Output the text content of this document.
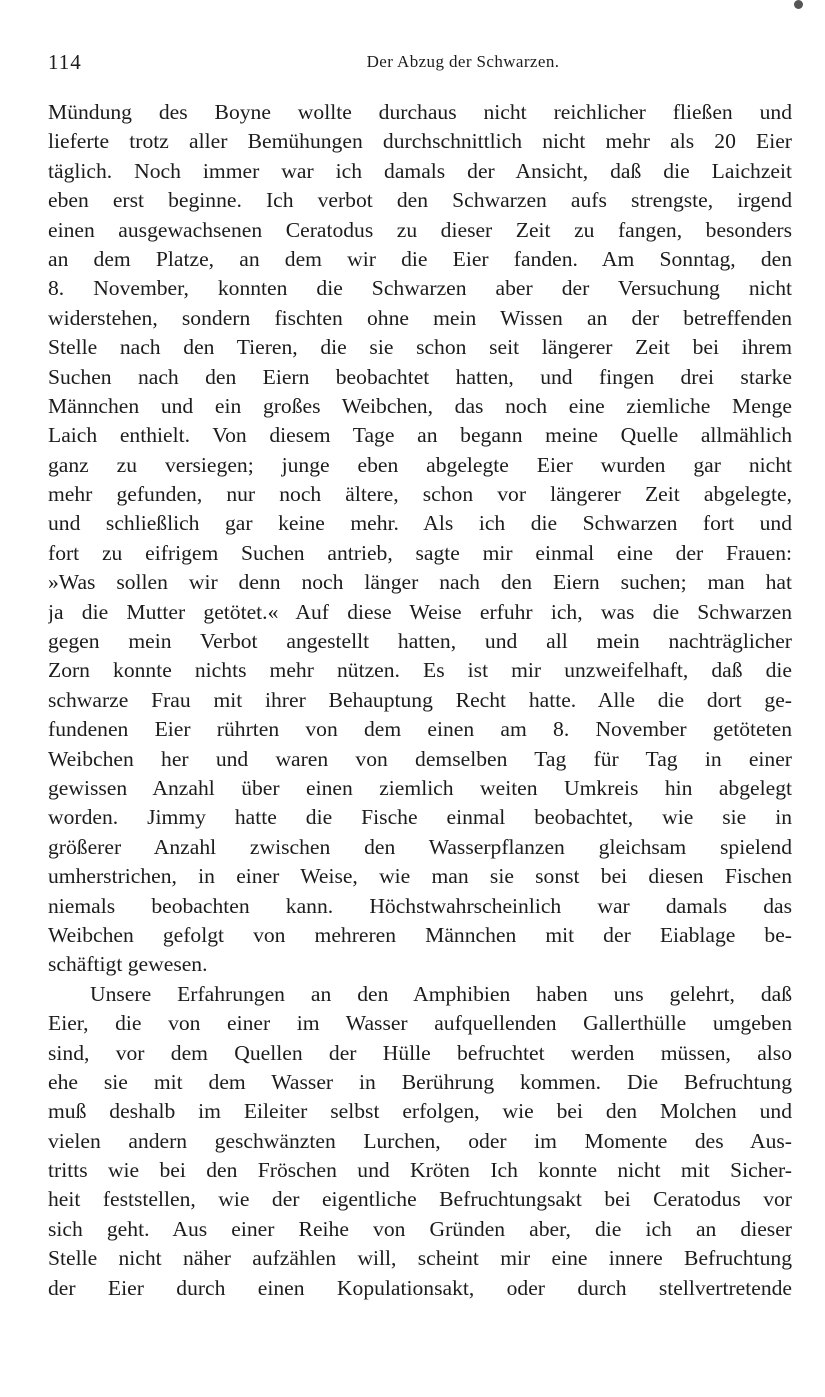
114	Der Abzug der Schwarzen.
Mündung des Boyne wollte durchaus nicht reichlicher fließen und
lieferte trotz aller Bemühungen durchschnittlich nicht mehr als 20 Eier
täglich. Noch immer war ich damals der Ansicht, daß die Laichzeit
eben erst beginne. Ich verbot den Schwarzen aufs strengste, irgend
einen ausgewachsenen Ceratodus zu dieser Zeit zu fangen, besonders
an dem Platze, an dem wir die Eier fanden. Am Sonntag, den
8. November, konnten die Schwarzen aber der Versuchung nicht
widerstehen, sondern fischten ohne mein Wissen an der betreffenden
Stelle nach den Tieren, die sie schon seit längerer Zeit bei ihrem
Suchen nach den Eiern beobachtet hatten, und fingen drei starke
Männchen und ein großes Weibchen, das noch eine ziemliche Menge
Laich enthielt. Von diesem Tage an begann meine Quelle allmählich
ganz zu versiegen; junge eben abgelegte Eier wurden gar nicht
mehr gefunden, nur noch ältere, schon vor längerer Zeit abgelegte,
und schließlich gar keine mehr. Als ich die Schwarzen fort und
fort zu eifrigem Suchen antrieb, sagte mir einmal eine der Frauen:
»Was sollen wir denn noch länger nach den Eiern suchen; man hat
ja die Mutter getötet.« Auf diese Weise erfuhr ich, was die Schwarzen
gegen mein Verbot angestellt hatten, und all mein nachträglicher
Zorn konnte nichts mehr nützen. Es ist mir unzweifelhaft, daß die
schwarze Frau mit ihrer Behauptung Recht hatte. Alle die dort ge-
fundenen Eier rührten von dem einen am 8. November getöteten
Weibchen her und waren von demselben Tag für Tag in einer
gewissen Anzahl über einen ziemlich weiten Umkreis hin abgelegt
worden. Jimmy hatte die Fische einmal beobachtet, wie sie in
größerer Anzahl zwischen den Wasserpflanzen gleichsam spielend
umherstrichen, in einer Weise, wie man sie sonst bei diesen Fischen
niemals beobachten kann. Höchstwahrscheinlich war damals das
Weibchen gefolgt von mehreren Männchen mit der Eiablage be-
schäftigt gewesen.
Unsere Erfahrungen an den Amphibien haben uns gelehrt, daß
Eier, die von einer im Wasser aufquellenden Gallerthülle umgeben
sind, vor dem Quellen der Hülle befruchtet werden müssen, also
ehe sie mit dem Wasser in Berührung kommen. Die Befruchtung
muß deshalb im Eileiter selbst erfolgen, wie bei den Molchen und
vielen andern geschwänzten Lurchen, oder im Momente des Aus-
tritts wie bei den Fröschen und Kröten Ich konnte nicht mit Sicher-
heit feststellen, wie der eigentliche Befruchtungsakt bei Ceratodus vor
sich geht. Aus einer Reihe von Gründen aber, die ich an dieser
Stelle nicht näher aufzählen will, scheint mir eine innere Befruchtung
der Eier durch einen Kopulationsakt, oder durch stellvertretende
